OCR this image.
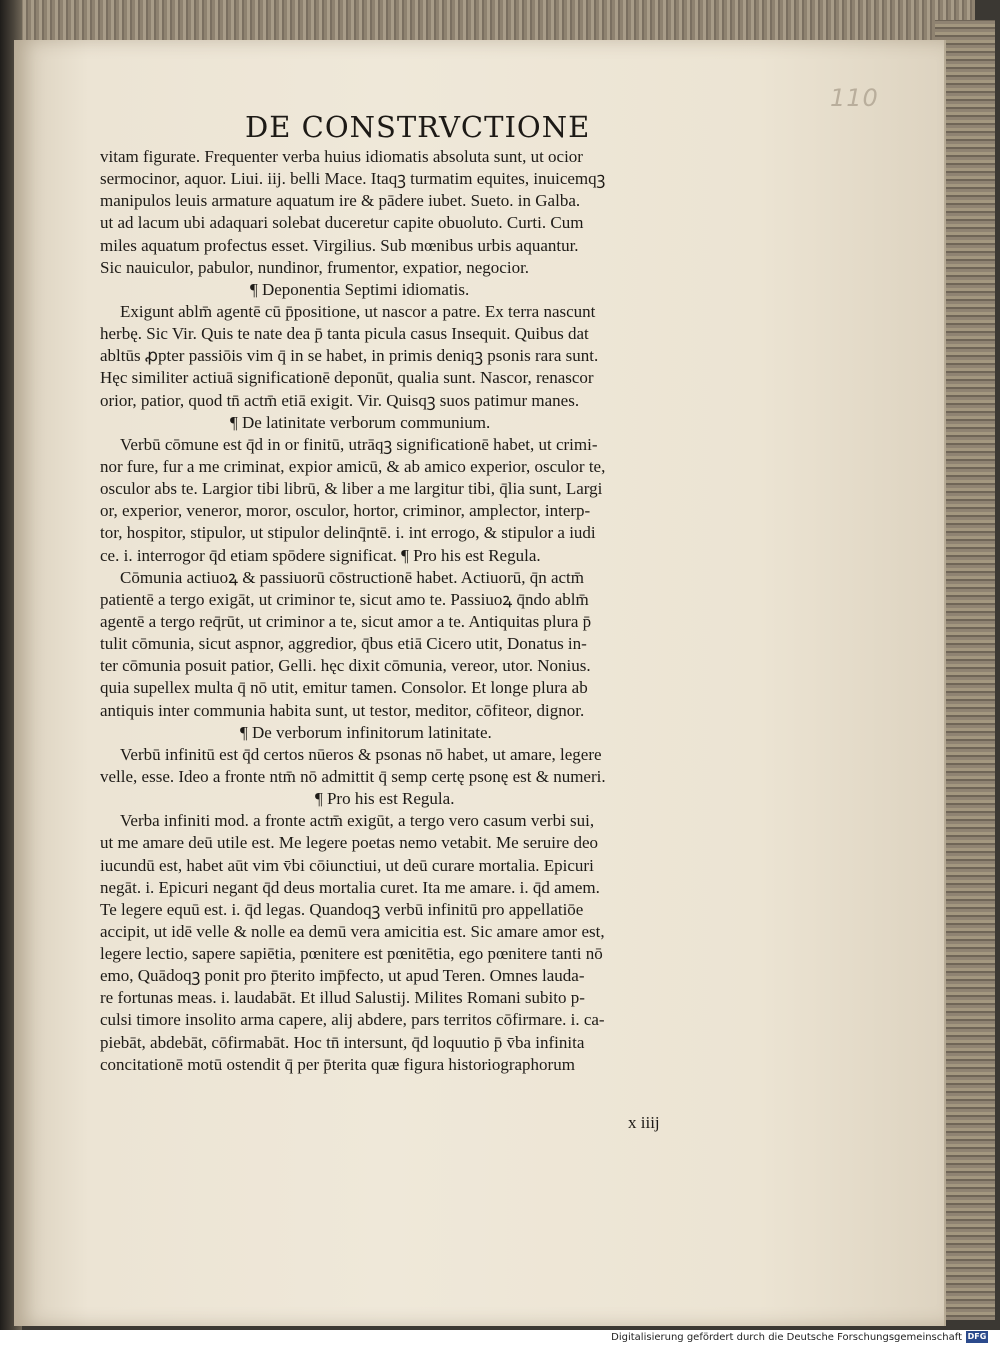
110
DE CONSTRVCTIONE
vitam figurate. Frequenter verba huius idiomatis absoluta sunt, ut ocior
sermocinor, aquor. Liui. iij. belli Mace. Itaqꝫ turmatim equites, inuicemqꝫ
manipulos leuis armature aquatum ire & pādere iubet. Sueto. in Galba.
ut ad lacum ubi adaquari solebat duceretur capite obuoluto. Curti. Cum
miles aquatum profectus esset. Virgilius. Sub mœnibus urbis aquantur.
Sic nauiculor, pabulor, nundinor, frumentor, expatior, negocior.
¶ Deponentia Septimi idiomatis.
Exigunt ablm̄ agentē cū p̄positione, ut nascor a patre. Ex terra nascunt
herbę. Sic Vir. Quis te nate dea p̄ tanta picula casus Insequit. Quibus dat
abltūs ꝓpter passiōis vim q̄ in se habet, in primis deniqꝫ psonis rara sunt.
Hęc similiter actiuā significationē deponūt, qualia sunt. Nascor, renascor
orior, patior, quod tn̄ actm̄ etiā exigit. Vir. Quisqꝫ suos patimur manes.
¶ De latinitate verborum communium.
Verbū cōmune est q̄d in or finitū, utrāqꝫ significationē habet, ut crimi-
nor fure, fur a me criminat, expior amicū, & ab amico experior, osculor te,
osculor abs te. Largior tibi librū, & liber a me largitur tibi, q̄lia sunt, Largi
or, experior, veneror, moror, osculor, hortor, criminor, amplector, interp-
tor, hospitor, stipulor, ut stipulor delinq̄ntē. i. int errogo, & stipulor a iudi
ce. i. interrogor q̄d etiam spōdere significat. ¶ Pro his est Regula.
Cōmunia actiuoꝝ & passiuorū cōstructionē habet. Actiuorū, q̄n actm̄
patientē a tergo exigāt, ut criminor te, sicut amo te. Passiuoꝝ q̄ndo ablm̄
agentē a tergo req̄rūt, ut criminor a te, sicut amor a te. Antiquitas plura p̄
tulit cōmunia, sicut aspnor, aggredior, q̄bus etiā Cicero utit, Donatus in-
ter cōmunia posuit patior, Gelli. hęc dixit cōmunia, vereor, utor. Nonius.
quia supellex multa q̄ nō utit, emitur tamen. Consolor. Et longe plura ab
antiquis inter communia habita sunt, ut testor, meditor, cōfiteor, dignor.
¶ De verborum infinitorum latinitate.
Verbū infinitū est q̄d certos nūeros & psonas nō habet, ut amare, legere
velle, esse. Ideo a fronte ntm̄ nō admittit q̄ semp certę psonę est & numeri.
¶ Pro his est Regula.
Verba infiniti mod. a fronte actm̄ exigūt, a tergo vero casum verbi sui,
ut me amare deū utile est. Me legere poetas nemo vetabit. Me seruire deo
iucundū est, habet aūt vim v̄bi cōiunctiui, ut deū curare mortalia. Epicuri
negāt. i. Epicuri negant q̄d deus mortalia curet. Ita me amare. i. q̄d amem.
Te legere equū est. i. q̄d legas. Quandoqꝫ verbū infinitū pro appellatiōe
accipit, ut idē velle & nolle ea demū vera amicitia est. Sic amare amor est,
legere lectio, sapere sapiētia, pœnitere est pœnitētia, ego pœnitere tanti nō
emo, Quādoqꝫ ponit pro p̄terito imp̄fecto, ut apud Teren. Omnes lauda-
re fortunas meas. i. laudabāt. Et illud Salustij. Milites Romani subito p-
culsi timore insolito arma capere, alij abdere, pars territos cōfirmare. i. ca-
piebāt, abdebāt, cōfirmabāt. Hoc tn̄ intersunt, q̄d loquutio p̄ v̄ba infinita
concitationē motū ostendit q̄ per p̄terita quæ figura historiographorum
x iiij
Digitalisierung gefördert durch die Deutsche Forschungsgemeinschaft DFG
